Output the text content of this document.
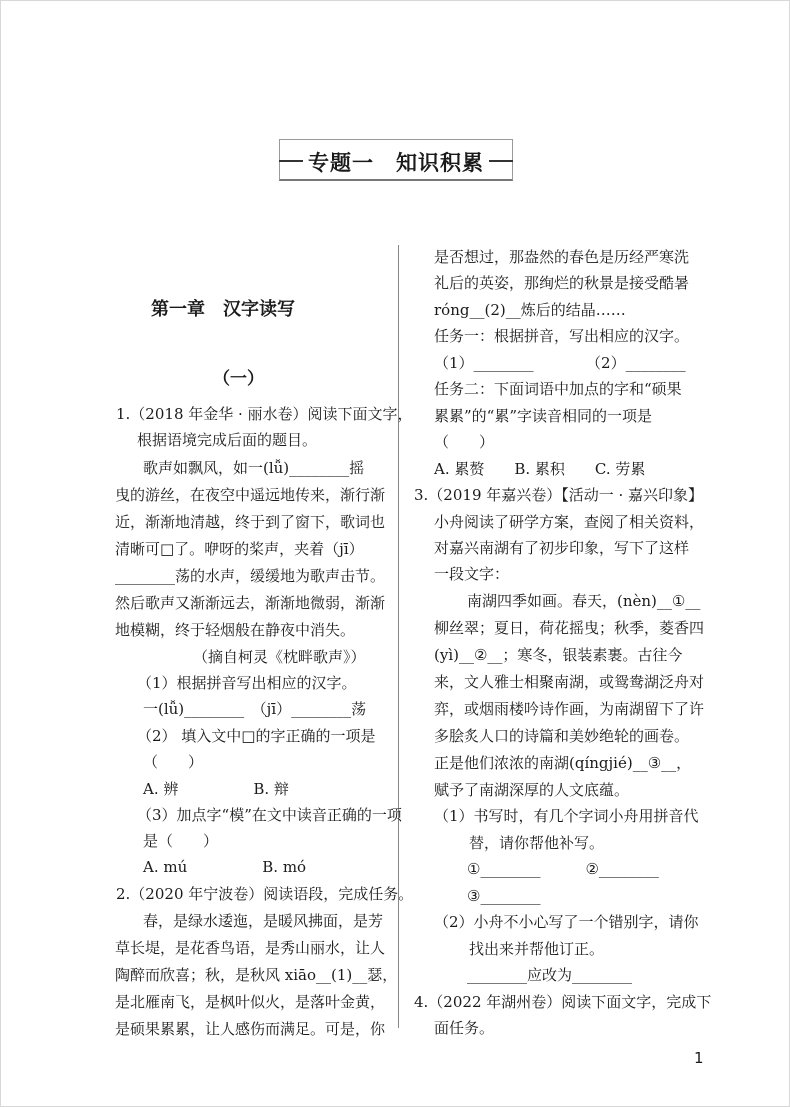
专题一　知识积累
第一章　汉字读写
（一）
1.（2018 年金华 · 丽水卷）阅读下面文字，
根据语境完成后面的题目。
歌声如飘风，如一(lǚ)________摇
曳的游丝，在夜空中遥远地传来，渐行渐
近，渐渐地清越，终于到了窗下，歌词也
清晰可□了。咿呀的桨声，夹着（jī）
________荡的水声，缓缓地为歌声击节。
然后歌声又渐渐远去，渐渐地微弱，渐渐
地模糊，终于轻烟般在静夜中消失。
（摘自柯灵《枕畔歌声》）
（1）根据拼音写出相应的汉字。
一(lǚ)________　（jī）________荡
（2） 填入文中□的字正确的一项是
（　　）
A. 辨　　　　　B. 辩
（3）加点字“模”在文中读音正确的一项
是（　　）
A. mú　　　　　B. mó
2.（2020 年宁波卷）阅读语段，完成任务。
春，是绿水逶迤，是暖风拂面，是芳
草长堤，是花香鸟语，是秀山丽水，让人
陶醉而欣喜；秋，是秋风 xiāo__(1)__瑟，
是北雁南飞，是枫叶似火，是落叶金黄，
是硕果累累，让人感伤而满足。可是，你
是否想过，那盎然的春色是历经严寒洗
礼后的英姿，那绚烂的秋景是接受酷暑
róng__(2)__炼后的结晶……
任务一：根据拼音，写出相应的汉字。
（1）________　　　　（2）________
任务二：下面词语中加点的字和“硕果
累累”的“累”字读音相同的一项是
（　　）
A. 累赘　　B. 累积　　C. 劳累
3.（2019 年嘉兴卷）【活动一 · 嘉兴印象】
小舟阅读了研学方案，查阅了相关资料，
对嘉兴南湖有了初步印象，写下了这样
一段文字：
南湖四季如画。春天，(nèn)__①__
柳丝翠；夏日，荷花摇曳；秋季，菱香四
(yì)__②__；寒冬，银装素裹。古往今
来，文人雅士相聚南湖，或鸳鸯湖泛舟对
弈，或烟雨楼吟诗作画，为南湖留下了许
多脍炙人口的诗篇和美妙绝轮的画卷。
正是他们浓浓的南湖(qíngjié)__③__，
赋予了南湖深厚的人文底蕴。
（1）书写时，有几个字词小舟用拼音代
替，请你帮他补写。
①________　　　②________
③________
（2）小舟不小心写了一个错别字，请你
找出来并帮他订正。
________应改为________
4.（2022 年湖州卷）阅读下面文字，完成下
面任务。
1
